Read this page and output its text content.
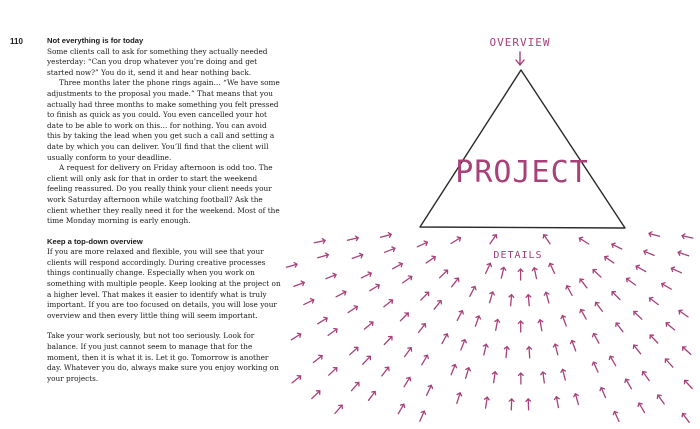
110	Not everything is for today

Some clients call to ask for something they actually needed yesterday: “Can you drop whatever you’re doing and get started now?” You do it, send it and hear nothing back.

Three months later the phone rings again… “We have some adjustments to the proposal you made.” That means that you actually had three months to make something you felt pressed to finish as quick as you could. You even cancelled your hot date to be able to work on this… for nothing. You can avoid this by taking the lead when you get such a call and setting a date by which you can deliver. You’ll find that the client will usually conform to your deadline.

A request for delivery on Friday afternoon is odd too. The client will only ask for that in order to start the weekend feeling reassured. Do you really think your client needs your work Saturday afternoon while watching football? Ask the client whether they really need it for the weekend. Most of the time Monday morning is early enough.

Keep a top-down overview

If you are more relaxed and flexible, you will see that your clients will respond accordingly. During creative processes things continually change. Especially when you work on something with multiple people. Keep looking at the project on a higher level. That makes it easier to identify what is truly important. If you are too focused on details, you will lose your overview and then every little thing will seem important.

Take your work seriously, but not too seriously. Look for balance. If you just cannot seem to manage that for the moment, then it is what it is. Let it go. Tomorrow is another day. Whatever you do, always make sure you enjoy working on your projects.

OVERVIEW
PROJECT
DETAILS
